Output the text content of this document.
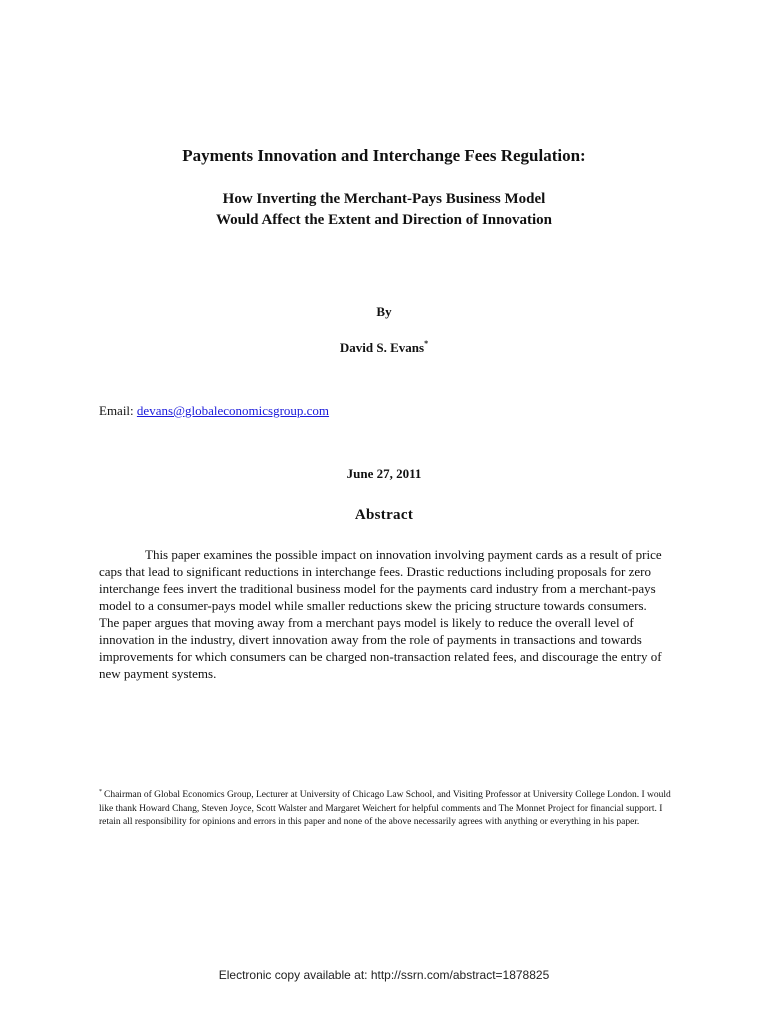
Payments Innovation and Interchange Fees Regulation:
How Inverting the Merchant-Pays Business Model
Would Affect the Extent and Direction of Innovation
By
David S. Evans*
Email: devans@globaleconomicsgroup.com
June 27, 2011
Abstract
This paper examines the possible impact on innovation involving payment cards as a result of price caps that lead to significant reductions in interchange fees. Drastic reductions including proposals for zero interchange fees invert the traditional business model for the payments card industry from a merchant-pays model to a consumer-pays model while smaller reductions skew the pricing structure towards consumers. The paper argues that moving away from a merchant pays model is likely to reduce the overall level of innovation in the industry, divert innovation away from the role of payments in transactions and towards improvements for which consumers can be charged non-transaction related fees, and discourage the entry of new payment systems.
* Chairman of Global Economics Group, Lecturer at University of Chicago Law School, and Visiting Professor at University College London. I would like thank Howard Chang, Steven Joyce, Scott Walster and Margaret Weichert for helpful comments and The Monnet Project for financial support. I retain all responsibility for opinions and errors in this paper and none of the above necessarily agrees with anything or everything in his paper.
Electronic copy available at: http://ssrn.com/abstract=1878825
